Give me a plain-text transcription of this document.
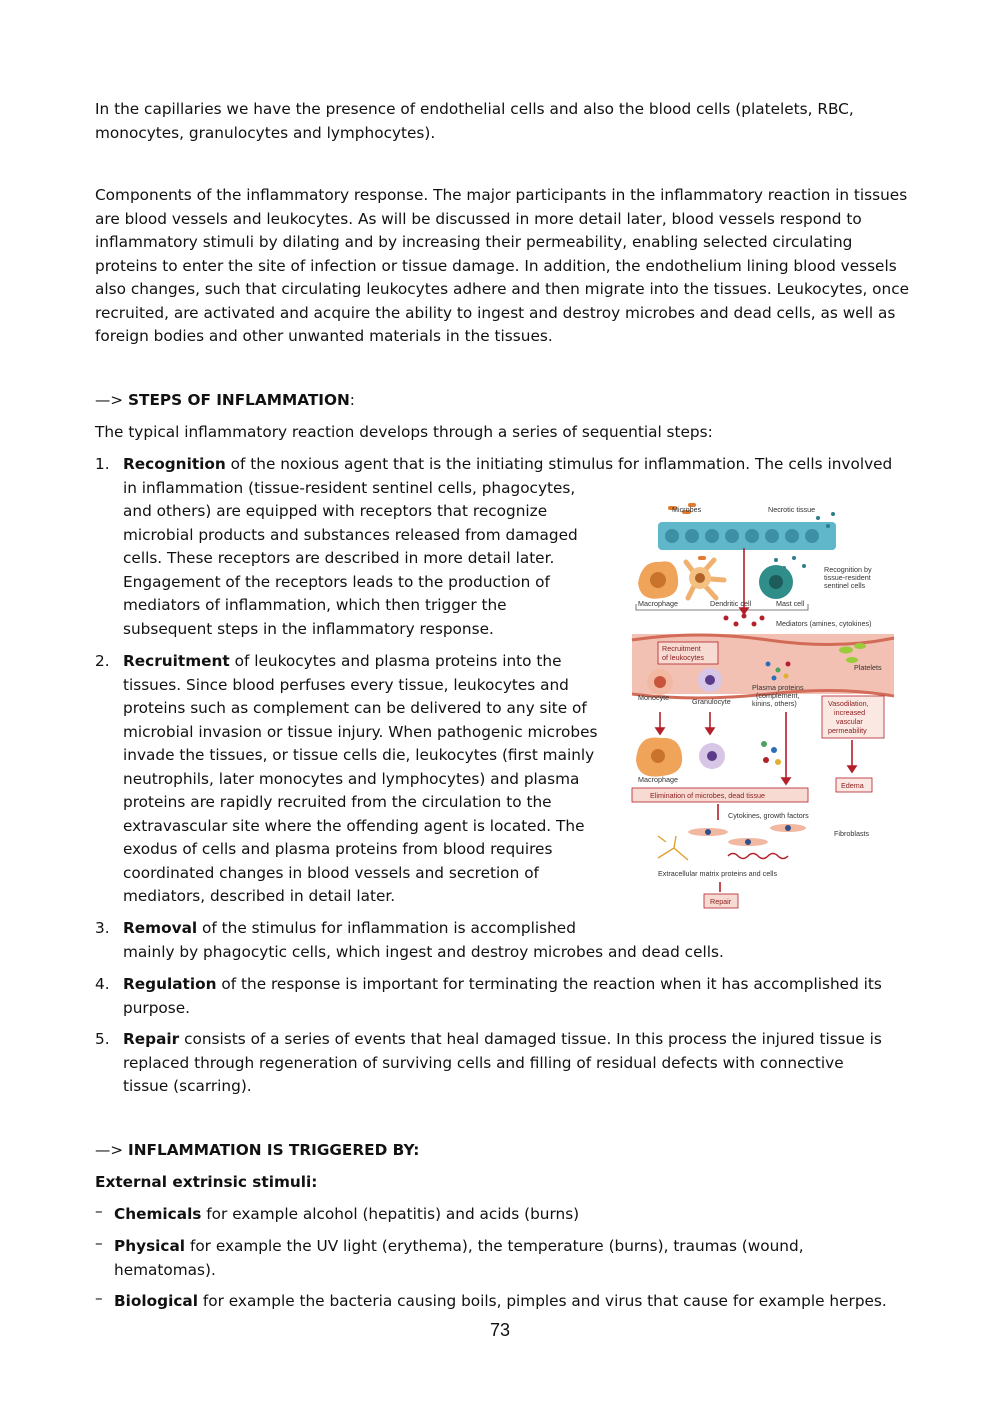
In the capillaries we have the presence of endothelial cells and also the blood cells (platelets, RBC, monocytes, granulocytes and lymphocytes).

Components of the inflammatory response. The major participants in the inflammatory reaction in tissues are blood vessels and leukocytes. As will be discussed in more detail later, blood vessels respond to inflammatory stimuli by dilating and by increasing their permeability, enabling selected circulating proteins to enter the site of infection or tissue damage. In addition, the endothelium lining blood vessels also changes, such that circulating leukocytes adhere and then migrate into the tissues. Leukocytes, once recruited, are activated and acquire the ability to ingest and destroy microbes and dead cells, as well as foreign bodies and other unwanted materials in the tissues.

—> STEPS OF INFLAMMATION:

The typical inflammatory reaction develops through a series of sequential steps:

1. Recognition of the noxious agent that is the initiating stimulus for inflammation. The cells involved
in inflammation (tissue-resident sentinel cells, phagocytes,
and others) are equipped with receptors that recognize
microbial products and substances released from damaged
cells. These receptors are described in more detail later.
Engagement of the receptors leads to the production of
mediators of inflammation, which then trigger the
subsequent steps in the inflammatory response.
2. Recruitment of leukocytes and plasma proteins into the
tissues. Since blood perfuses every tissue, leukocytes and
proteins such as complement can be delivered to any site of
microbial invasion or tissue injury. When pathogenic microbes
invade the tissues, or tissue cells die, leukocytes (first mainly
neutrophils, later monocytes and lymphocytes) and plasma
proteins are rapidly recruited from the circulation to the
extravascular site where the offending agent is located. The
exodus of cells and plasma proteins from blood requires
coordinated changes in blood vessels and secretion of
mediators, described in detail later.
3. Removal of the stimulus for inflammation is accomplished
mainly by phagocytic cells, which ingest and destroy microbes and dead cells.
4. Regulation of the response is important for terminating the reaction when it has accomplished its
purpose.
5. Repair consists of a series of events that heal damaged tissue. In this process the injured tissue is
replaced through regeneration of surviving cells and filling of residual defects with connective
tissue (scarring).
—> INFLAMMATION IS TRIGGERED BY:
External extrinsic stimuli:
– Chemicals for example alcohol (hepatitis) and acids (burns)
– Physical for example the UV light (erythema), the temperature (burns), traumas (wound,
hematomas).
– Biological for example the bacteria causing boils, pimples and virus that cause for example herpes.
73
Microbes	Necrotic tissue
Macrophage	Dendritic cell	Mast cell
Recognition by
tissue-resident
sentinel cells
Mediators (amines, cytokines)
Recruitment
of leukocytes
Platelets
Monocyte	Granulocyte
Plasma proteins
(complement,
kinins, others)	Vasodilation,
increased
vascular
permeability
Macrophage
Edema
Elimination of microbes, dead tissue
Cytokines, growth factors
Fibroblasts
Extracellular matrix proteins and cells
Repair
